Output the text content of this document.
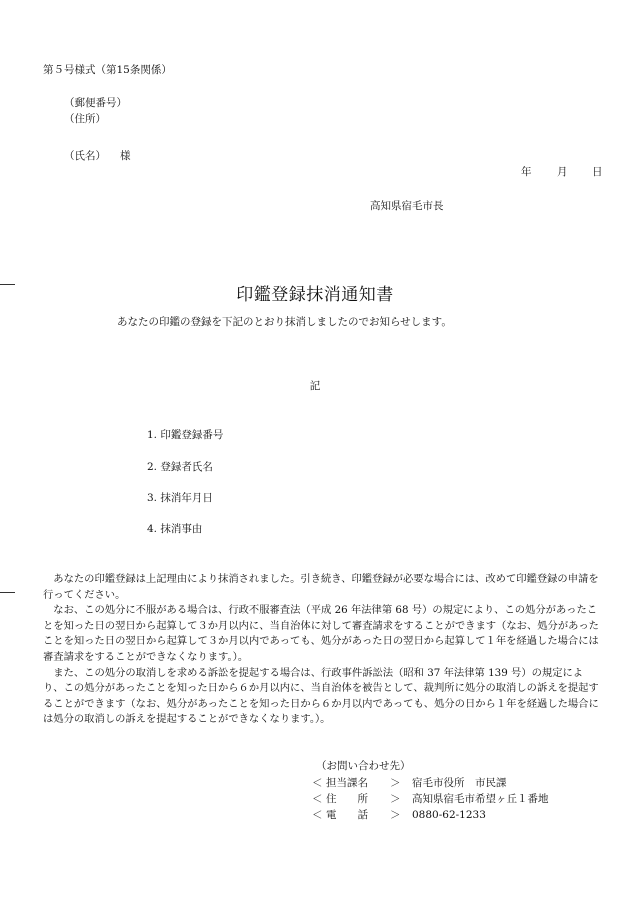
第５号様式（第15条関係）
（郵便番号）
（住所）
（氏名） 様
年 月 日
高知県宿毛市長
印鑑登録抹消通知書
あなたの印鑑の登録を下記のとおり抹消しましたのでお知らせします。
記
1. 印鑑登録番号
2. 登録者氏名
3. 抹消年月日
4. 抹消事由

あなたの印鑑登録は上記理由により抹消されました。引き続き、印鑑登録が必要な場合には、改めて印鑑登録の申請を行ってください。

なお、この処分に不服がある場合は、行政不服審査法（平成 26 年法律第 68 号）の規定により、この処分があったことを知った日の翌日から起算して３か月以内に、当自治体に対して審査請求をすることができます（なお、処分があったことを知った日の翌日から起算して３か月以内であっても、処分があった日の翌日から起算して１年を経過した場合には審査請求をすることができなくなります。）。

また、この処分の取消しを求める訴訟を提起する場合は、行政事件訴訟法（昭和 37 年法律第 139 号）の規定により、この処分があったことを知った日から６か月以内に、当自治体を被告として、裁判所に処分の取消しの訴えを提起することができます（なお、処分があったことを知った日から６か月以内であっても、処分の日から１年を経過した場合には処分の取消しの訴えを提起することができなくなります。）。

（お問い合わせ先）
＜ 担当課名	＞	宿毛市役所　市民課
＜ 住　　所	＞	高知県宿毛市希望ヶ丘１番地
＜ 電　　話	＞	0880-62-1233
